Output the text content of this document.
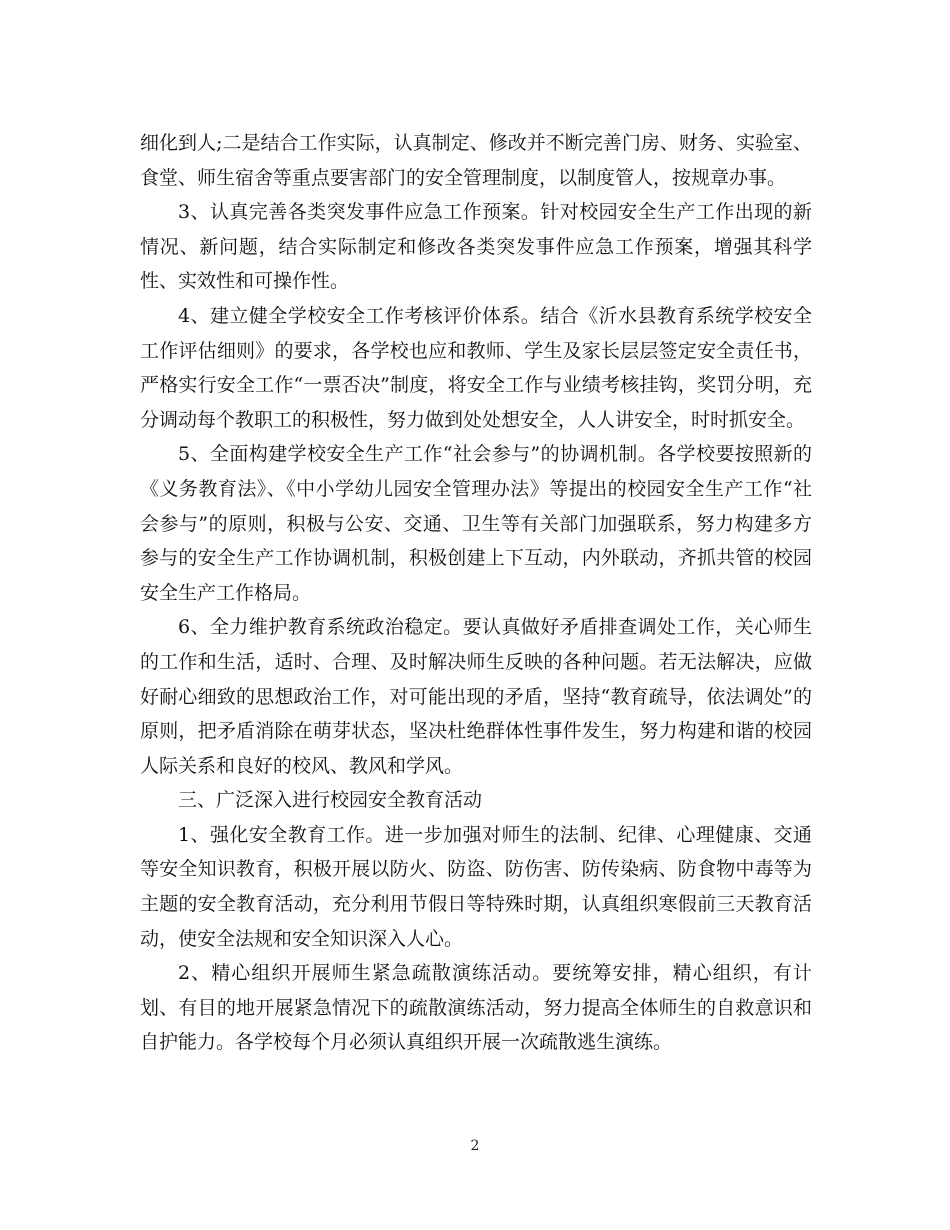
细化到人;二是结合工作实际，认真制定、修改并不断完善门房、财务、实验室、食堂、师生宿舍等重点要害部门的安全管理制度，以制度管人，按规章办事。

3、认真完善各类突发事件应急工作预案。针对校园安全生产工作出现的新情况、新问题，结合实际制定和修改各类突发事件应急工作预案，增强其科学性、实效性和可操作性。

4、建立健全学校安全工作考核评价体系。结合《沂水县教育系统学校安全工作评估细则》的要求，各学校也应和教师、学生及家长层层签定安全责任书，严格实行安全工作“一票否决”制度，将安全工作与业绩考核挂钩，奖罚分明，充分调动每个教职工的积极性，努力做到处处想安全，人人讲安全，时时抓安全。

5、全面构建学校安全生产工作“社会参与”的协调机制。各学校要按照新的《义务教育法》、《中小学幼儿园安全管理办法》等提出的校园安全生产工作“社会参与”的原则，积极与公安、交通、卫生等有关部门加强联系，努力构建多方参与的安全生产工作协调机制，积极创建上下互动，内外联动，齐抓共管的校园安全生产工作格局。

6、全力维护教育系统政治稳定。要认真做好矛盾排查调处工作，关心师生的工作和生活，适时、合理、及时解决师生反映的各种问题。若无法解决，应做好耐心细致的思想政治工作，对可能出现的矛盾，坚持“教育疏导，依法调处”的原则，把矛盾消除在萌芽状态，坚决杜绝群体性事件发生，努力构建和谐的校园人际关系和良好的校风、教风和学风。

三、广泛深入进行校园安全教育活动

1、强化安全教育工作。进一步加强对师生的法制、纪律、心理健康、交通等安全知识教育，积极开展以防火、防盗、防伤害、防传染病、防食物中毒等为主题的安全教育活动，充分利用节假日等特殊时期，认真组织寒假前三天教育活动，使安全法规和安全知识深入人心。

2、精心组织开展师生紧急疏散演练活动。要统筹安排，精心组织，有计划、有目的地开展紧急情况下的疏散演练活动，努力提高全体师生的自救意识和自护能力。各学校每个月必须认真组织开展一次疏散逃生演练。

2
